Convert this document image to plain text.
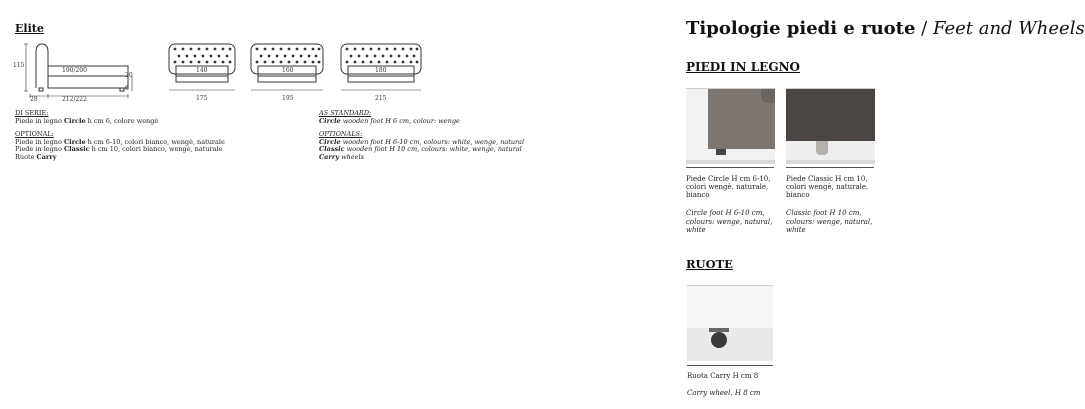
Elite
115
190/200
30
6
28	212/222
140
175
160
195
180
215
DI SERIE:
Piede in legno Circle h cm 6, colore wengè
OPTIONAL:
Piede in legno Circle h cm 6-10, colori bianco, wengè, naturale
Piede in legno Classic h cm 10, colori bianco, wengè, naturale
Ruote Carry
AS STANDARD:
Circle wooden foot H 6 cm, colour: wenge
OPTIONALS:
Circle wooden foot H 6-10 cm, colours: white, wenge, natural
Classic wooden foot H 10 cm, colours: white, wenge, natural
Carry wheels
Tipologie piedi e ruote / Feet and Wheels
PIEDI IN LEGNO
Piede Circle H cm 6-10, colori wengè, naturale, bianco
Circle foot H 6-10 cm, colours: wenge, natural, white
Piede Classic H cm 10, colori wengè, naturale, bianco
Classic foot H 10 cm, colours: wenge, natural, white
RUOTE
Ruota Carry H cm 8
Carry wheel, H 8 cm
